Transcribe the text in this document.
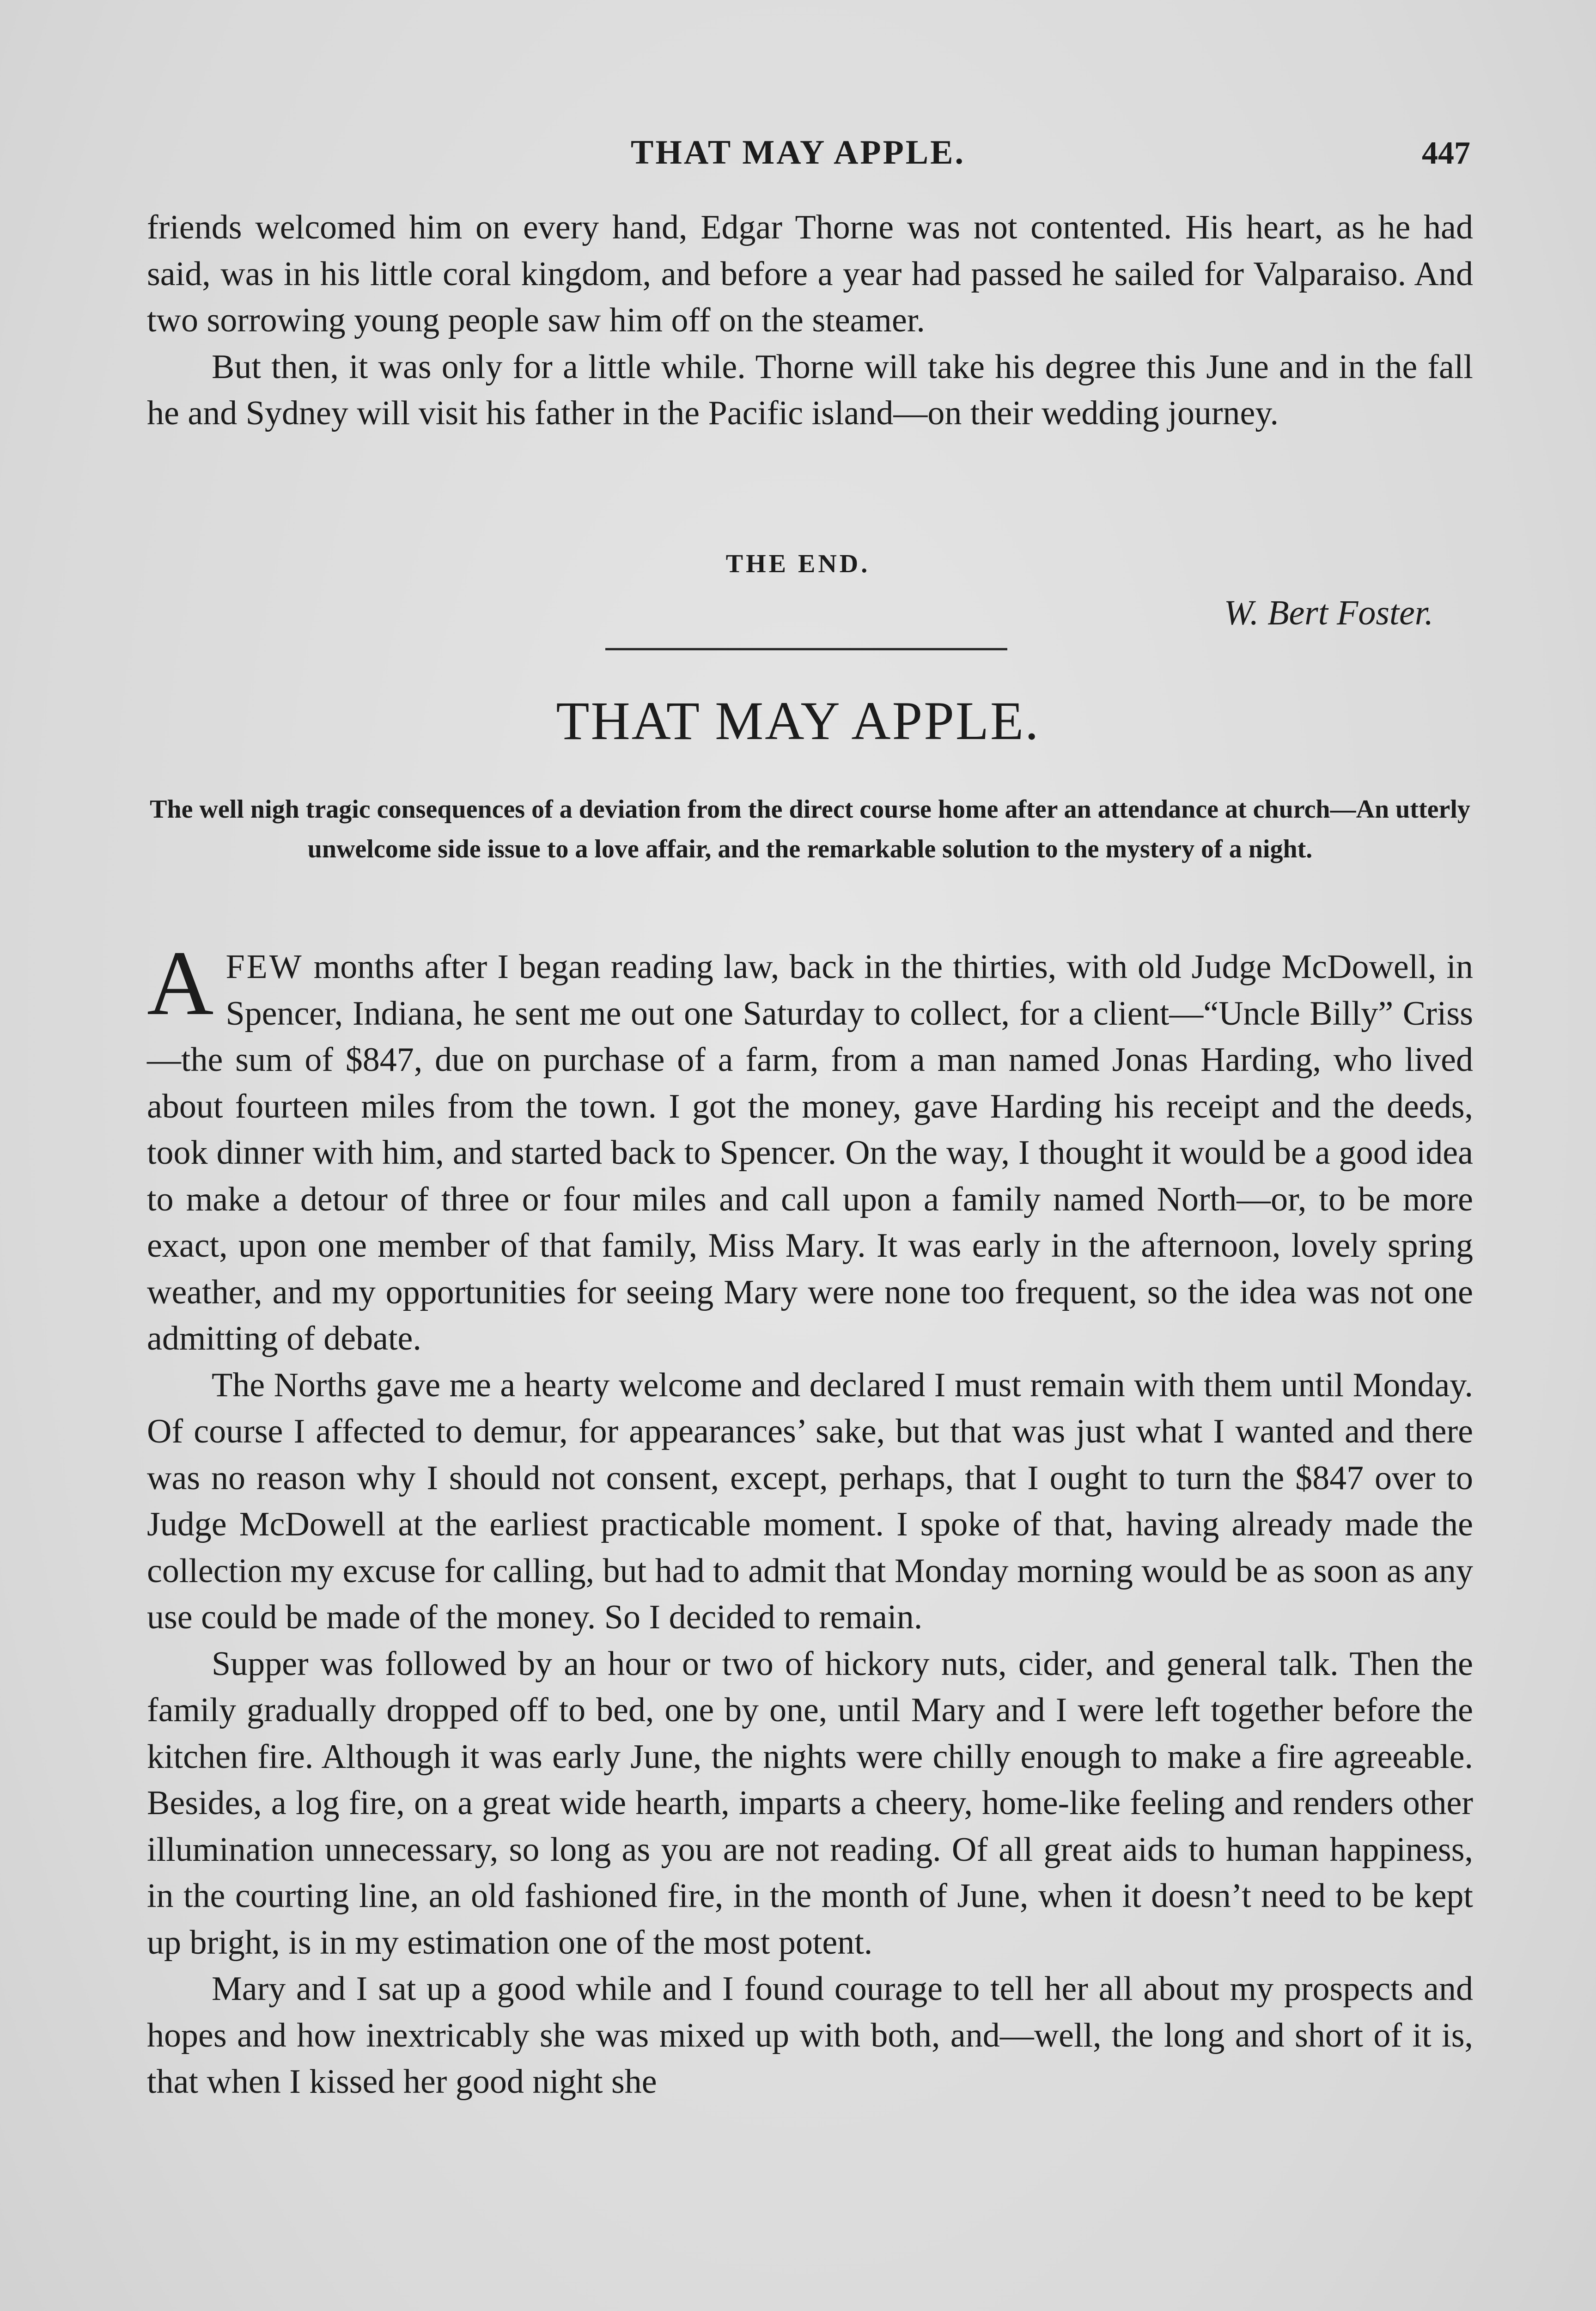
THAT MAY APPLE.	447

friends welcomed him on every hand, Edgar Thorne was not contented. His heart, as he had said, was in his little coral kingdom, and before a year had passed he sailed for Valparaiso. And two sorrowing young people saw him off on the steamer.

But then, it was only for a little while. Thorne will take his degree this June and in the fall he and Sydney will visit his father in the Pacific island—on their wedding journey.

THE END.
W. Bert Foster.
THAT MAY APPLE.
The well nigh tragic consequences of a deviation from the direct course home after an attendance at church—An utterly unwelcome side issue to a love affair, and the remarkable solution to the mystery of a night.

AFEW months after I began reading law, back in the thirties, with old Judge McDowell, in Spencer, Indiana, he sent me out one Saturday to collect, for a client—“Uncle Billy” Criss—the sum of $847, due on purchase of a farm, from a man named Jonas Harding, who lived about fourteen miles from the town. I got the money, gave Harding his receipt and the deeds, took dinner with him, and started back to Spencer. On the way, I thought it would be a good idea to make a detour of three or four miles and call upon a family named North—or, to be more exact, upon one member of that family, Miss Mary. It was early in the afternoon, lovely spring weather, and my opportunities for seeing Mary were none too frequent, so the idea was not one admitting of debate.

The Norths gave me a hearty welcome and declared I must remain with them until Monday. Of course I affected to demur, for appearances’ sake, but that was just what I wanted and there was no reason why I should not consent, except, perhaps, that I ought to turn the $847 over to Judge McDowell at the earliest practicable moment. I spoke of that, having already made the collection my excuse for calling, but had to admit that Monday morning would be as soon as any use could be made of the money. So I decided to remain.

Supper was followed by an hour or two of hickory nuts, cider, and general talk. Then the family gradually dropped off to bed, one by one, until Mary and I were left together before the kitchen fire. Although it was early June, the nights were chilly enough to make a fire agreeable. Besides, a log fire, on a great wide hearth, imparts a cheery, home-like feeling and renders other illumination unnecessary, so long as you are not reading. Of all great aids to human happiness, in the courting line, an old fashioned fire, in the month of June, when it doesn’t need to be kept up bright, is in my estimation one of the most potent.

Mary and I sat up a good while and I found courage to tell her all about my prospects and hopes and how inextricably she was mixed up with both, and—well, the long and short of it is, that when I kissed her good night she
